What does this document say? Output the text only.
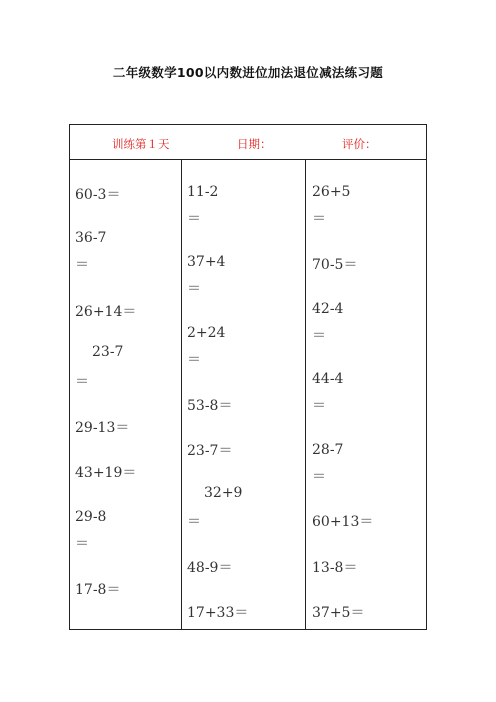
二年级数学100以内数进位加法退位减法练习题
训练第１天	日期：	评价：
60-3＝
36-7
＝
26+14＝
23-7
＝
29-13＝
43+19＝
29-8
＝
17-8＝
11-2
＝
37+4
＝
2+24
＝
53-8＝
23-7＝
32+9
＝
48-9＝
17+33＝
26+5
＝
70-5＝
42-4
＝
44-4
＝
28-7
＝
60+13＝
13-8＝
37+5＝
